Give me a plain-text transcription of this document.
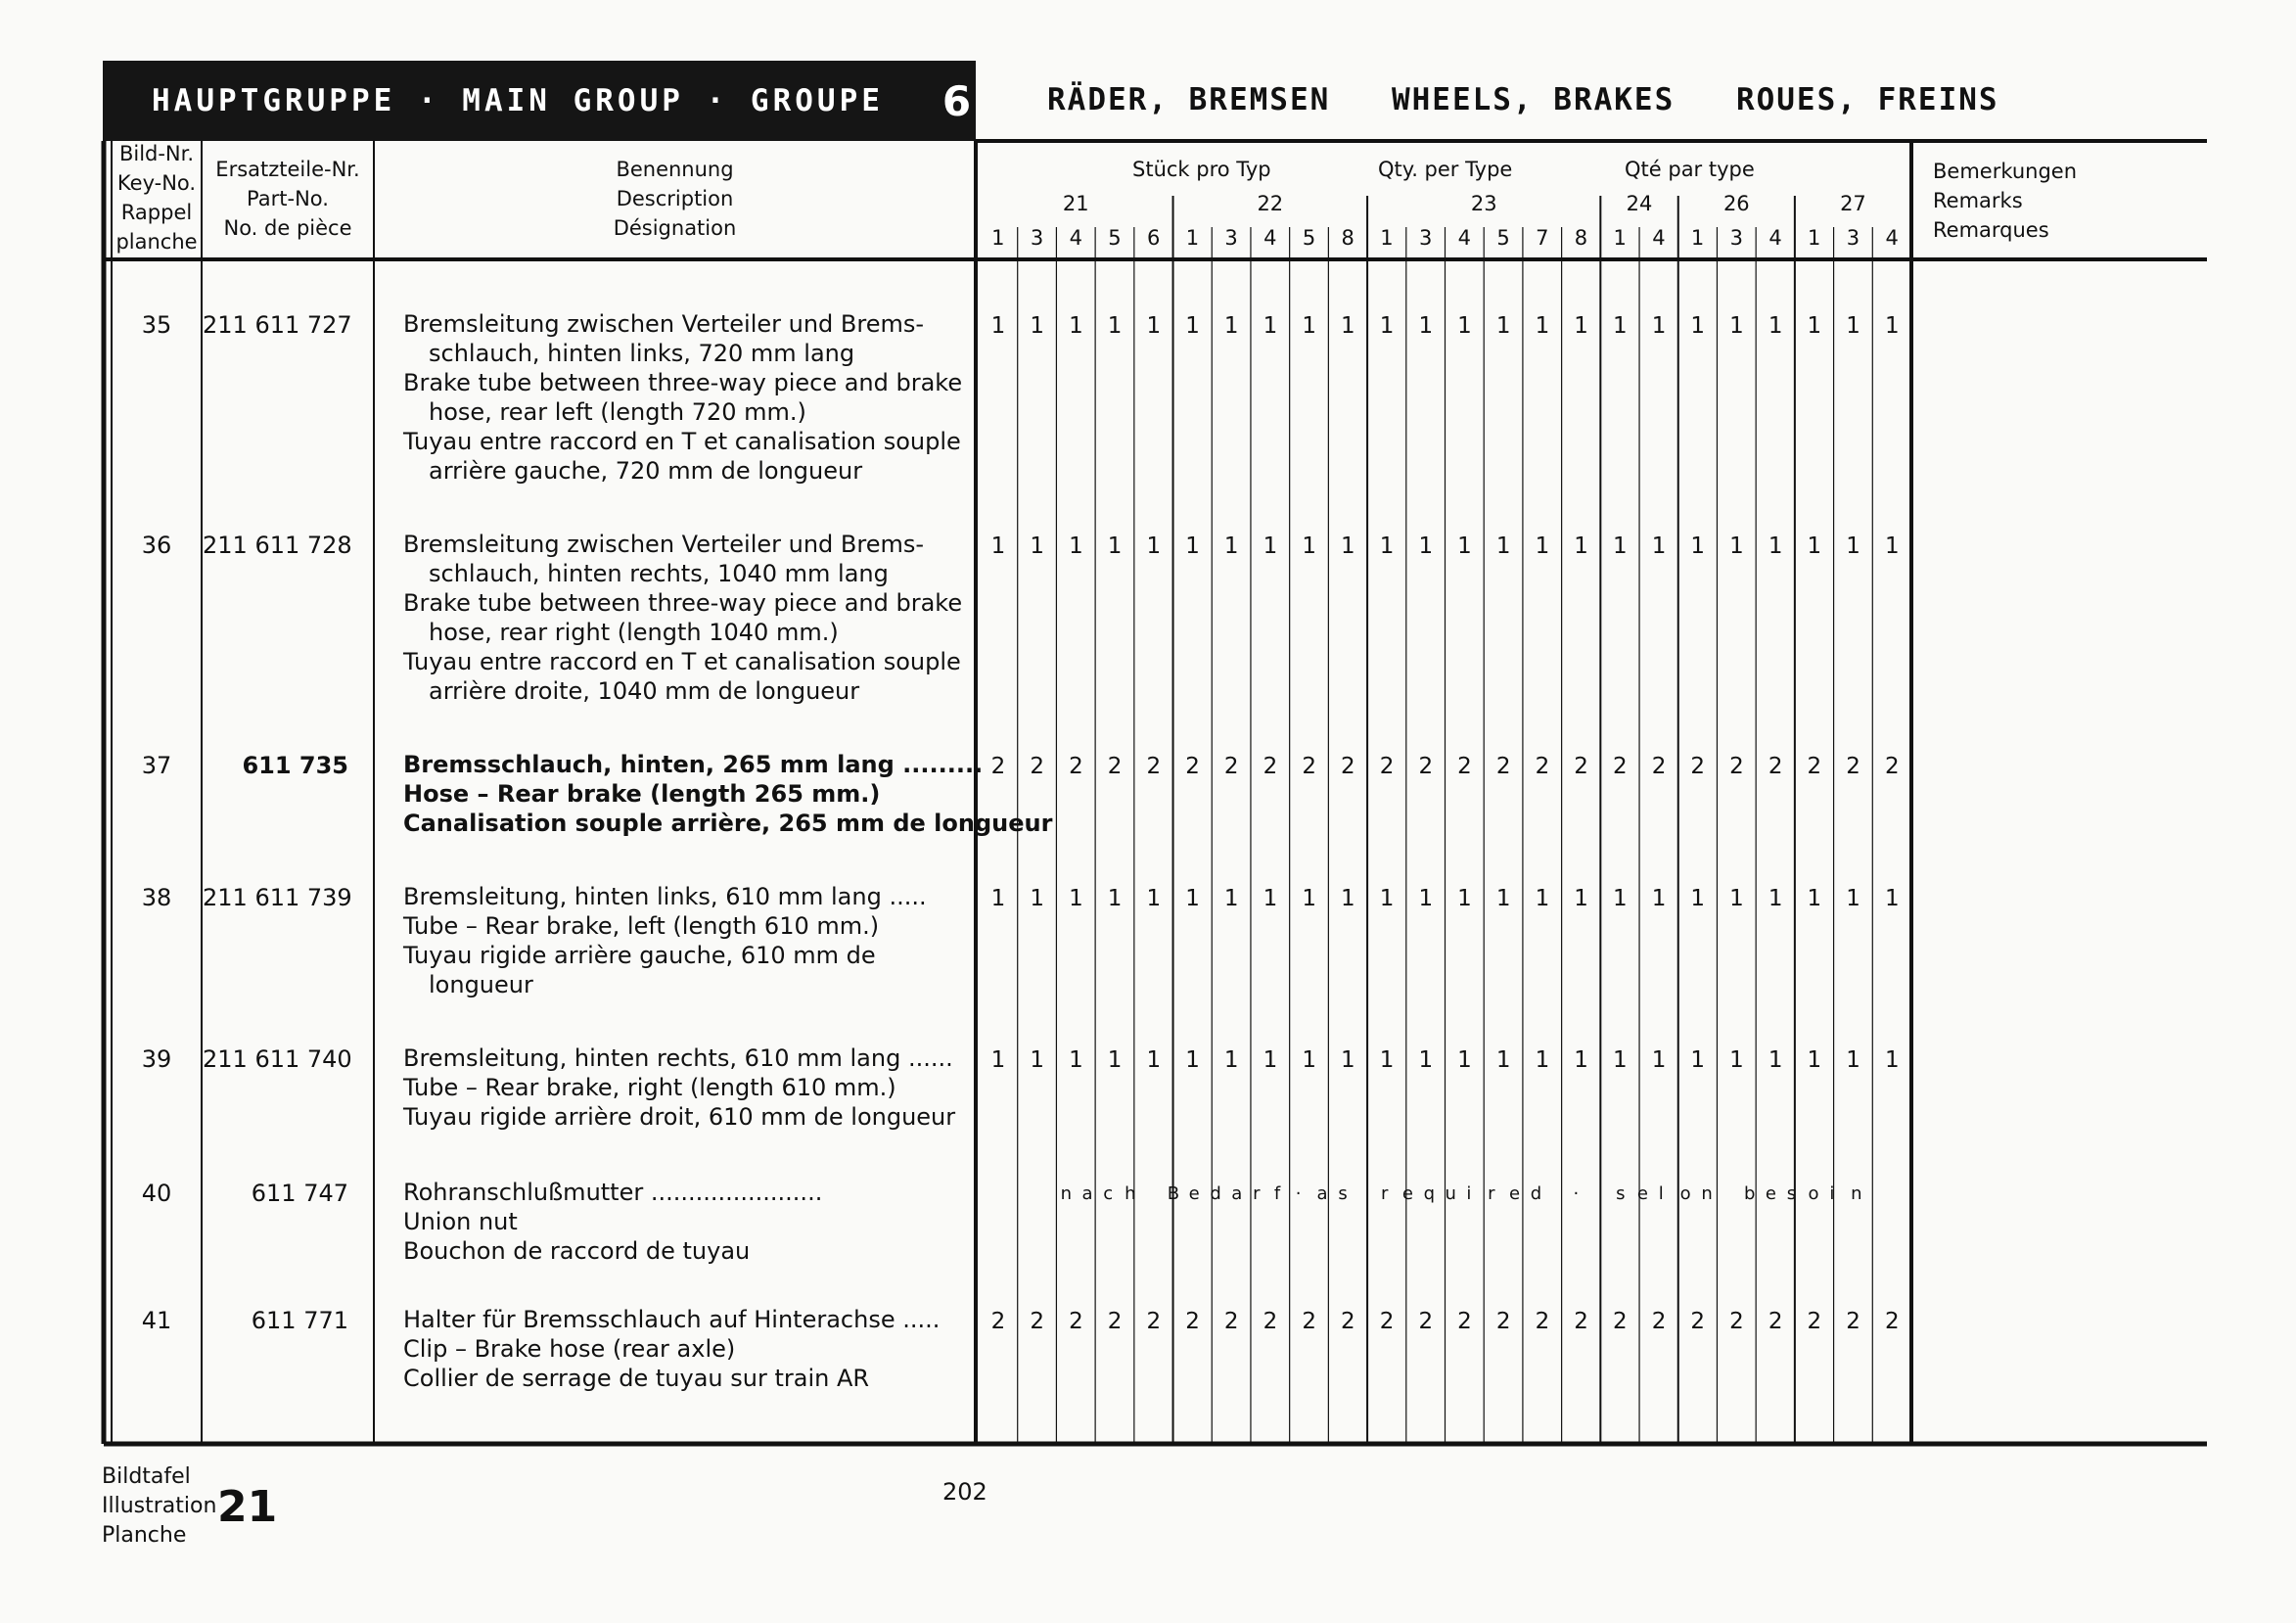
HAUPTGRUPPE · MAIN GROUP · GROUPE 6 RÄDER, BREMSEN WHEELS, BRAKES ROUES, FREINS
Bild-Nr.
Key-No.
Rappel
planche
Ersatzteile-Nr.
Part-No.
No. de pièce
Benennung
Description
Désignation
Stück pro Typ	Qty. per Type	Qté par type
21	22	23	24	26	27
1	3	4	5	6	1	3	4	5	8	1	3	4	5	7	8	1	4	1	3	4	1	3	4
Bemerkungen
Remarks
Remarques
35	211 611 727 Bremsleitung zwischen Verteiler und Brems-
schlauch, hinten links, 720 mm lang
Brake tube between three-way piece and brake
hose, rear left (length 720 mm.)
Tuyau entre raccord en T et canalisation souple
arrière gauche, 720 mm de longueur
1	1	1	1	1	1	1	1	1	1	1	1	1	1	1	1	1	1	1	1	1	1	1	1
36	211 611 728 Bremsleitung zwischen Verteiler und Brems-
schlauch, hinten rechts, 1040 mm lang
Brake tube between three-way piece and brake
hose, rear right (length 1040 mm.)
Tuyau entre raccord en T et canalisation souple
arrière droite, 1040 mm de longueur
1	1	1	1	1	1	1	1	1	1	1	1	1	1	1	1	1	1	1	1	1	1	1	1
37	611 735 Bremsschlauch, hinten, 265 mm lang .........
Hose – Rear brake (length 265 mm.)
Canalisation souple arrière, 265 mm de longueur
2	2	2	2	2	2	2	2	2	2	2	2	2	2	2	2	2	2	2	2	2	2	2	2
38	211 611 739 Bremsleitung, hinten links, 610 mm lang .....
Tube – Rear brake, left (length 610 mm.)
Tuyau rigide arrière gauche, 610 mm de
longueur
1	1	1	1	1	1	1	1	1	1	1	1	1	1	1	1	1	1	1	1	1	1	1	1
39	211 611 740 Bremsleitung, hinten rechts, 610 mm lang ......
Tube – Rear brake, right (length 610 mm.)
Tuyau rigide arrière droit, 610 mm de longueur
1	1	1	1	1	1	1	1	1	1	1	1	1	1	1	1	1	1	1	1	1	1	1	1
40	611 747 Rohranschlußmutter .......................
Union nut
Bouchon de raccord de tuyau
n a c h B e d a r f · a s r e q u i r e d · s e l o n b e s o i n
41	611 771 Halter für Bremsschlauch auf Hinterachse .....
Clip – Brake hose (rear axle)
Collier de serrage de tuyau sur train AR
2	2	2	2	2	2	2	2	2	2	2	2	2	2	2	2	2	2	2	2	2	2	2	2
Bildtafel
Illustration
Planche
21	202
